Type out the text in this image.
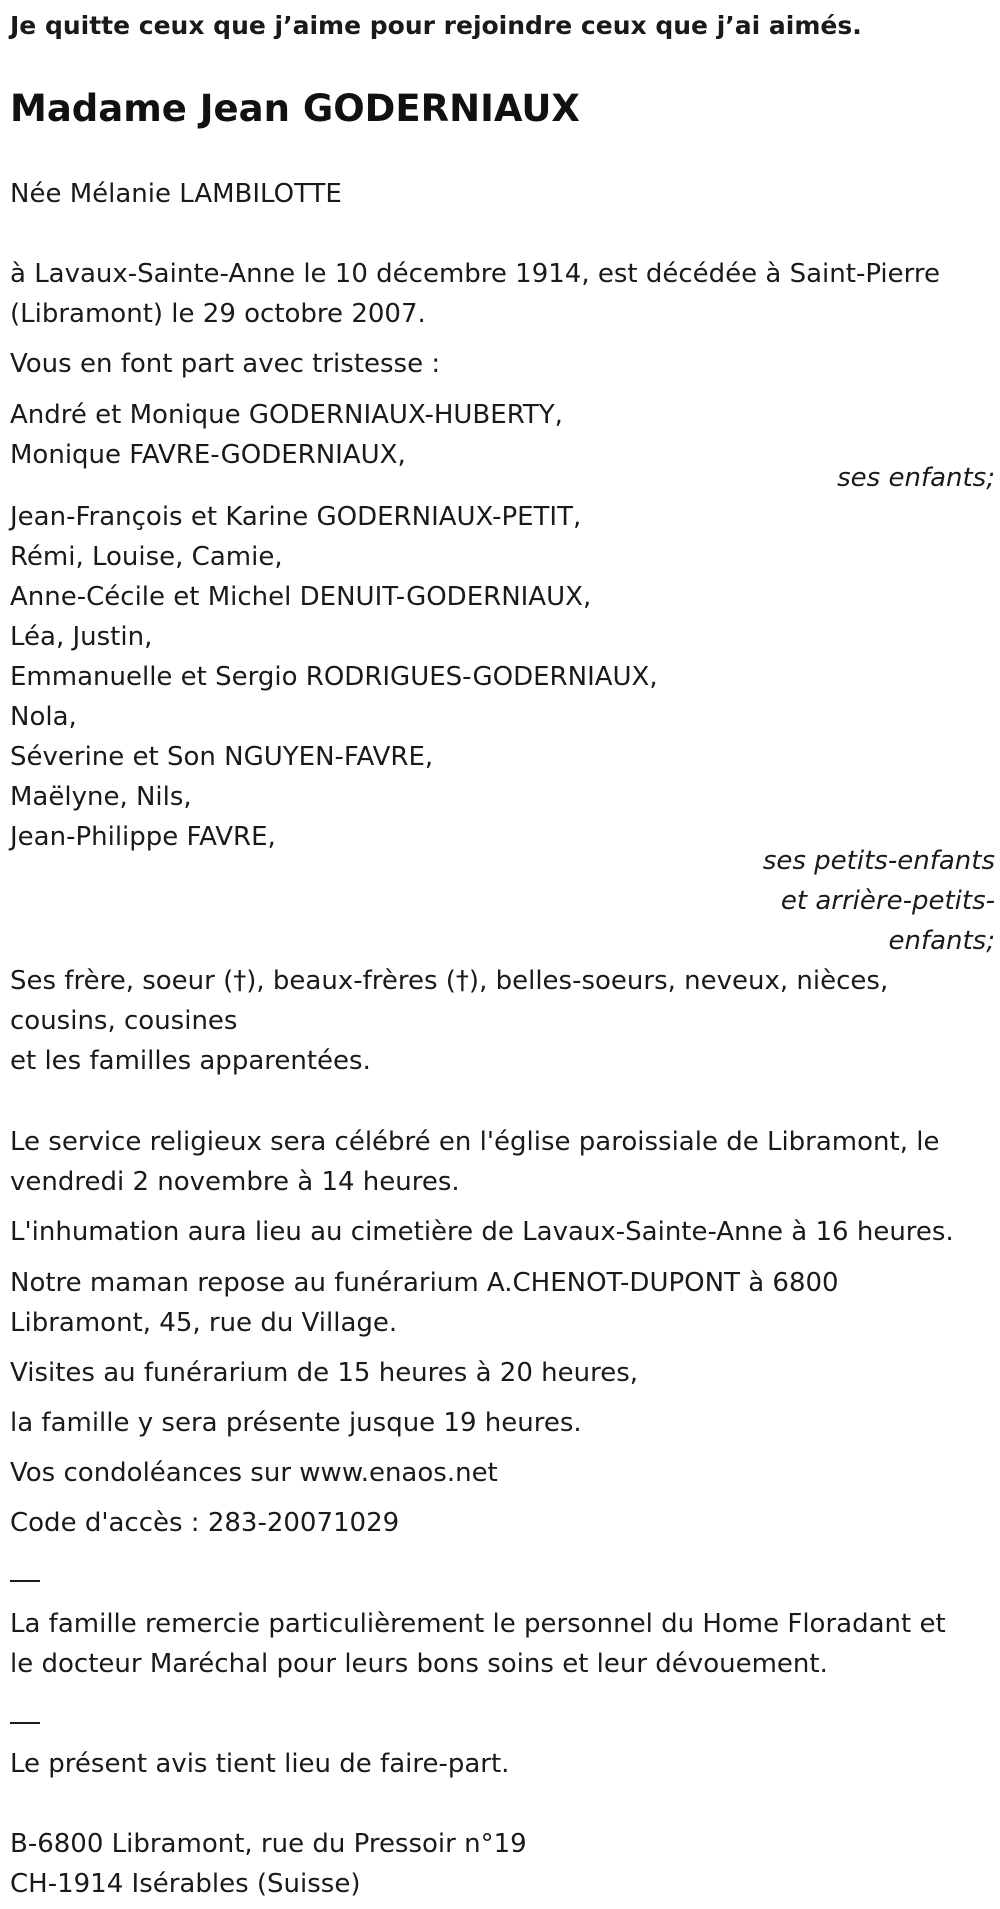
Je quitte ceux que j’aime pour rejoindre ceux que j’ai aimés.
Madame Jean GODERNIAUX
Née Mélanie LAMBILOTTE
à Lavaux-Sainte-Anne le 10 décembre 1914, est décédée à Saint-Pierre
(Libramont) le 29 octobre 2007.
Vous en font part avec tristesse :
André et Monique GODERNIAUX-HUBERTY,
Monique FAVRE-GODERNIAUX,
ses enfants;
Jean-François et Karine GODERNIAUX-PETIT,
Rémi, Louise, Camie,
Anne-Cécile et Michel DENUIT-GODERNIAUX,
Léa, Justin,
Emmanuelle et Sergio RODRIGUES-GODERNIAUX,
Nola,
Séverine et Son NGUYEN-FAVRE,
Maëlyne, Nils,
Jean-Philippe FAVRE,
ses petits-enfants
et arrière-petits-
enfants;
Ses frère, soeur (†), beaux-frères (†), belles-soeurs, neveux, nièces,
cousins, cousines
et les familles apparentées.
Le service religieux sera célébré en l'église paroissiale de Libramont, le
vendredi 2 novembre à 14 heures.
L'inhumation aura lieu au cimetière de Lavaux-Sainte-Anne à 16 heures.
Notre maman repose au funérarium A.CHENOT-DUPONT à 6800
Libramont, 45, rue du Village.
Visites au funérarium de 15 heures à 20 heures,
la famille y sera présente jusque 19 heures.
Vos condoléances sur www.enaos.net
Code d'accès : 283-20071029
La famille remercie particulièrement le personnel du Home Floradant et
le docteur Maréchal pour leurs bons soins et leur dévouement.
Le présent avis tient lieu de faire-part.
B-6800 Libramont, rue du Pressoir n°19
CH-1914 Isérables (Suisse)
